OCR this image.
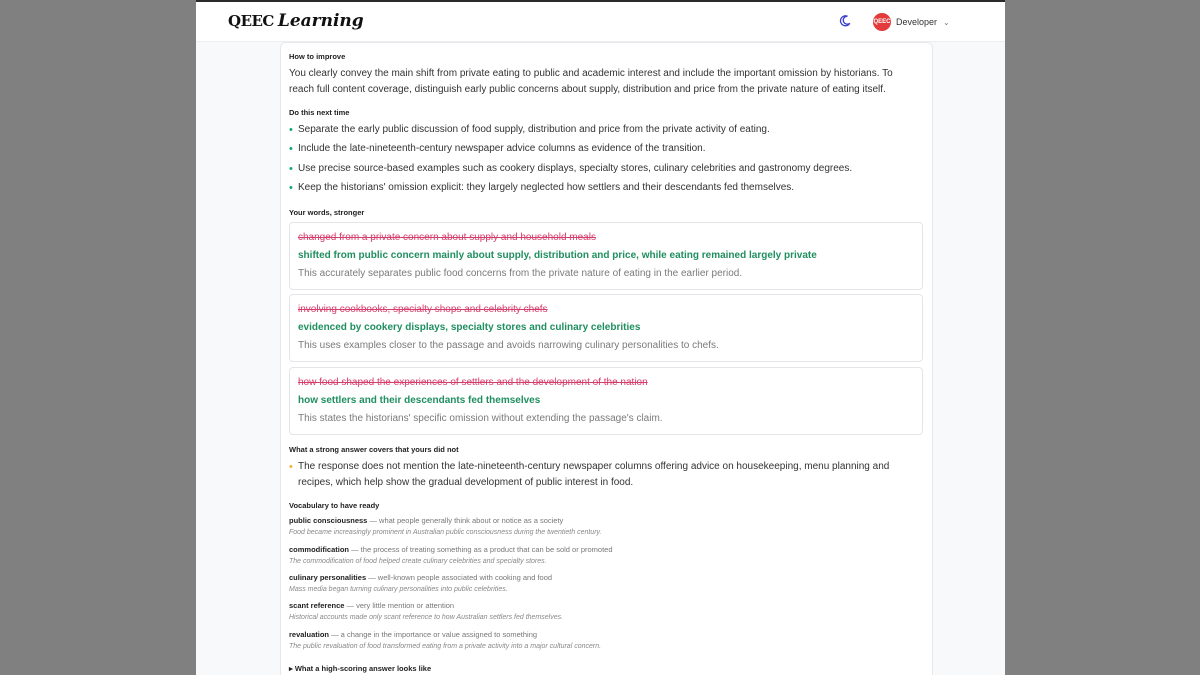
QEEC Learning	QEEC Developer ⌄
How to improve
You clearly convey the main shift from private eating to public and academic interest and include the important omission by historians. To
reach full content coverage, distinguish early public concerns about supply, distribution and price from the private nature of eating itself.
Do this next time
• Separate the early public discussion of food supply, distribution and price from the private activity of eating.
• Include the late-nineteenth-century newspaper advice columns as evidence of the transition.
• Use precise source-based examples such as cookery displays, specialty stores, culinary celebrities and gastronomy degrees.
• Keep the historians' omission explicit: they largely neglected how settlers and their descendants fed themselves.
Your words, stronger
changed from a private concern about supply and household meals
shifted from public concern mainly about supply, distribution and price, while eating remained largely private
This accurately separates public food concerns from the private nature of eating in the earlier period.
involving cookbooks, specialty shops and celebrity chefs
evidenced by cookery displays, specialty stores and culinary celebrities
This uses examples closer to the passage and avoids narrowing culinary personalities to chefs.
how food shaped the experiences of settlers and the development of the nation
how settlers and their descendants fed themselves
This states the historians' specific omission without extending the passage's claim.
What a strong answer covers that yours did not
• The response does not mention the late-nineteenth-century newspaper columns offering advice on housekeeping, menu planning and
recipes, which help show the gradual development of public interest in food.
Vocabulary to have ready
public consciousness — what people generally think about or notice as a society
Food became increasingly prominent in Australian public consciousness during the twentieth century.
commodification — the process of treating something as a product that can be sold or promoted
The commodification of food helped create culinary celebrities and specialty stores.
culinary personalities — well-known people associated with cooking and food
Mass media began turning culinary personalities into public celebrities.
scant reference — very little mention or attention
Historical accounts made only scant reference to how Australian settlers fed themselves.
revaluation — a change in the importance or value assigned to something
The public revaluation of food transformed eating from a private activity into a major cultural concern.
▸ What a high-scoring answer looks like
